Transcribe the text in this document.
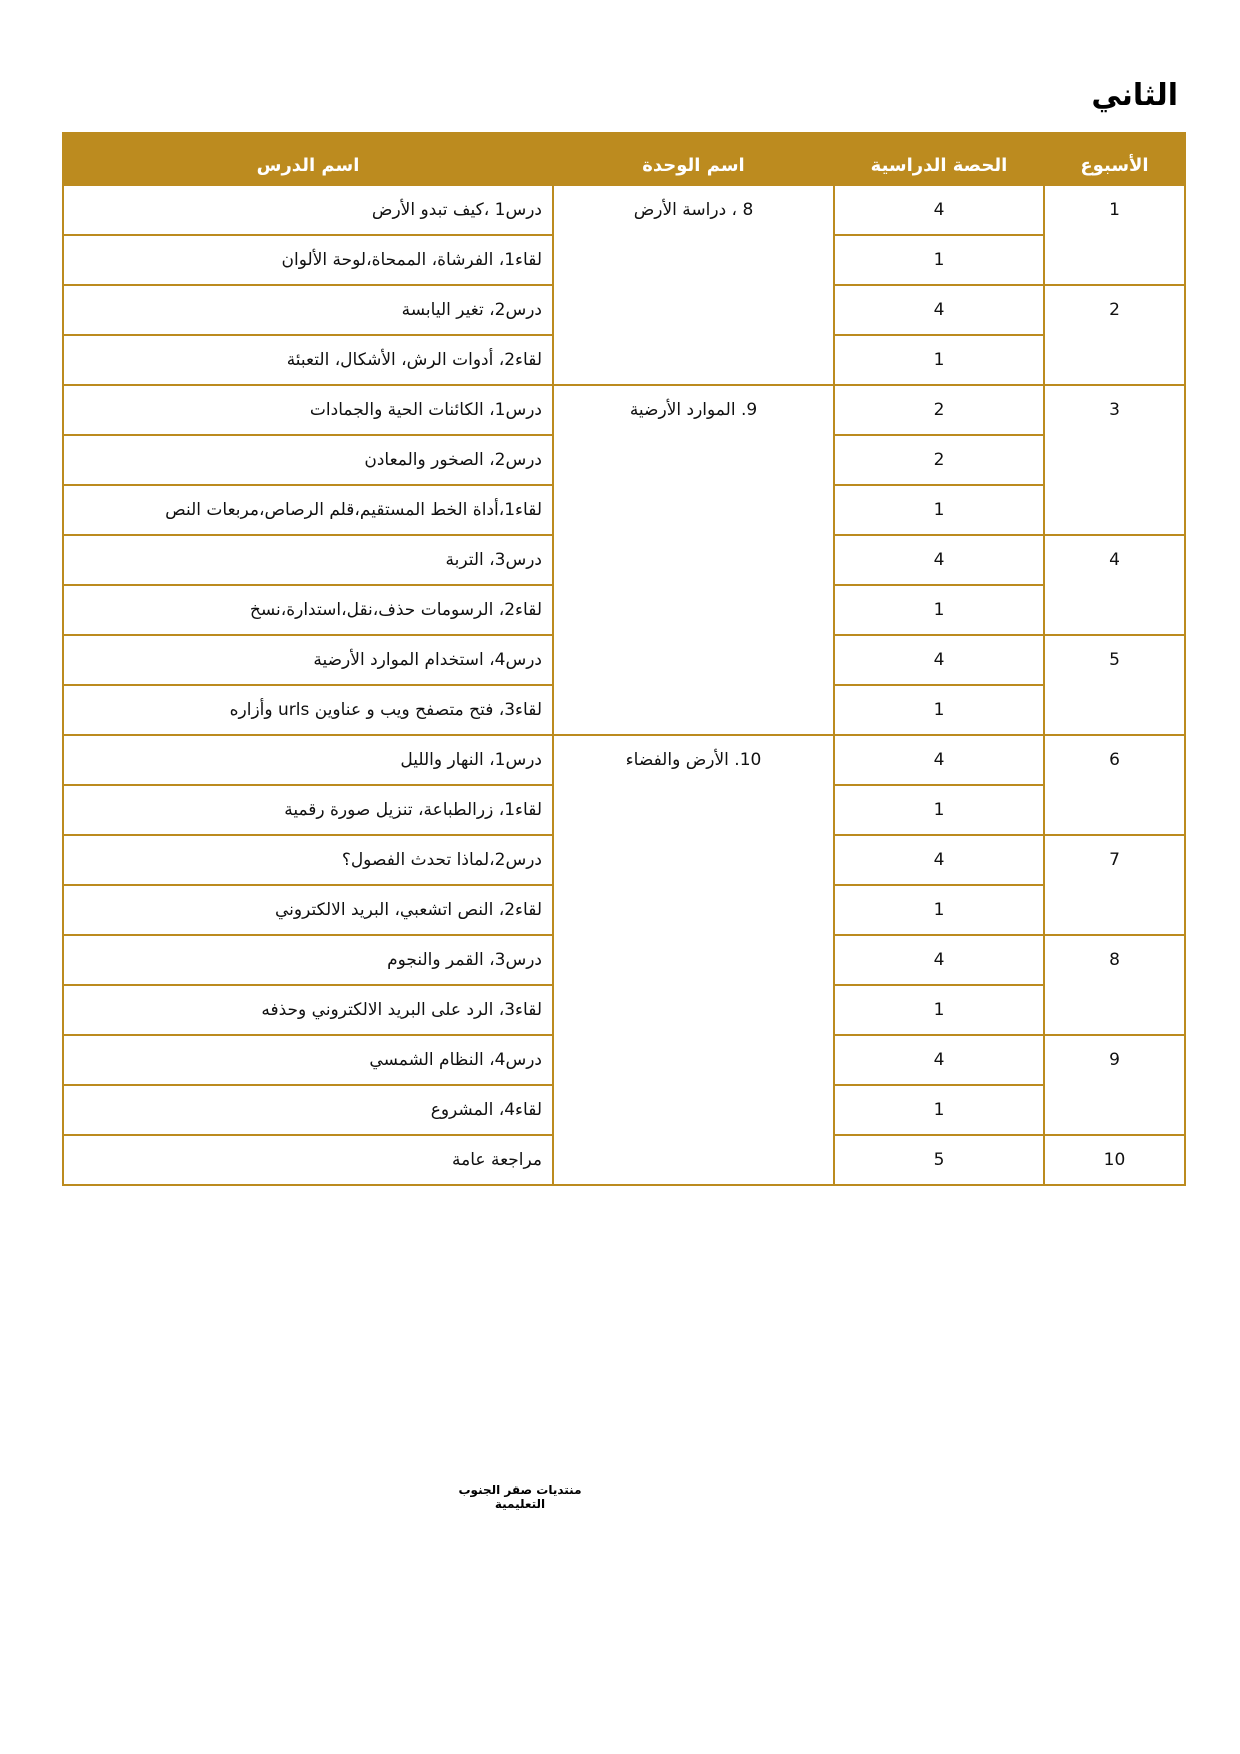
الثاني
الأسبوع	الحصة الدراسية	اسم الوحدة	اسم الدرس
1	4	8 ، دراسة الأرض	درس1 ،كيف تبدو الأرض
	1		لقاء1، الفرشاة، الممحاة،لوحة الألوان
2	4		درس2، تغير اليابسة
	1		لقاء2، أدوات الرش، الأشكال، التعبئة
3	2	9. الموارد الأرضية	درس1، الكائنات الحية والجمادات
	2		درس2، الصخور والمعادن
	1		لقاء1،أداة الخط المستقيم،قلم الرصاص،مربعات النص
4	4		درس3، التربة
	1		لقاء2، الرسومات حذف،نقل،استدارة،نسخ
5	4		درس4، استخدام الموارد الأرضية
	1		لقاء3، فتح متصفح ويب و عناوين urls وأزاره
6	4	10. الأرض والفضاء	درس1، النهار والليل
	1		لقاء1، زرالطباعة، تنزيل صورة رقمية
7	4		درس2،لماذا تحدث الفصول؟
	1		لقاء2، النص اتشعبي، البريد الالكتروني
8	4		درس3، القمر والنجوم
	1		لقاء3، الرد على البريد الالكتروني وحذفه
9	4		درس4، النظام الشمسي
	1		لقاء4، المشروع
10	5		مراجعة عامة
منتديات صقر الجنوب التعليمية
